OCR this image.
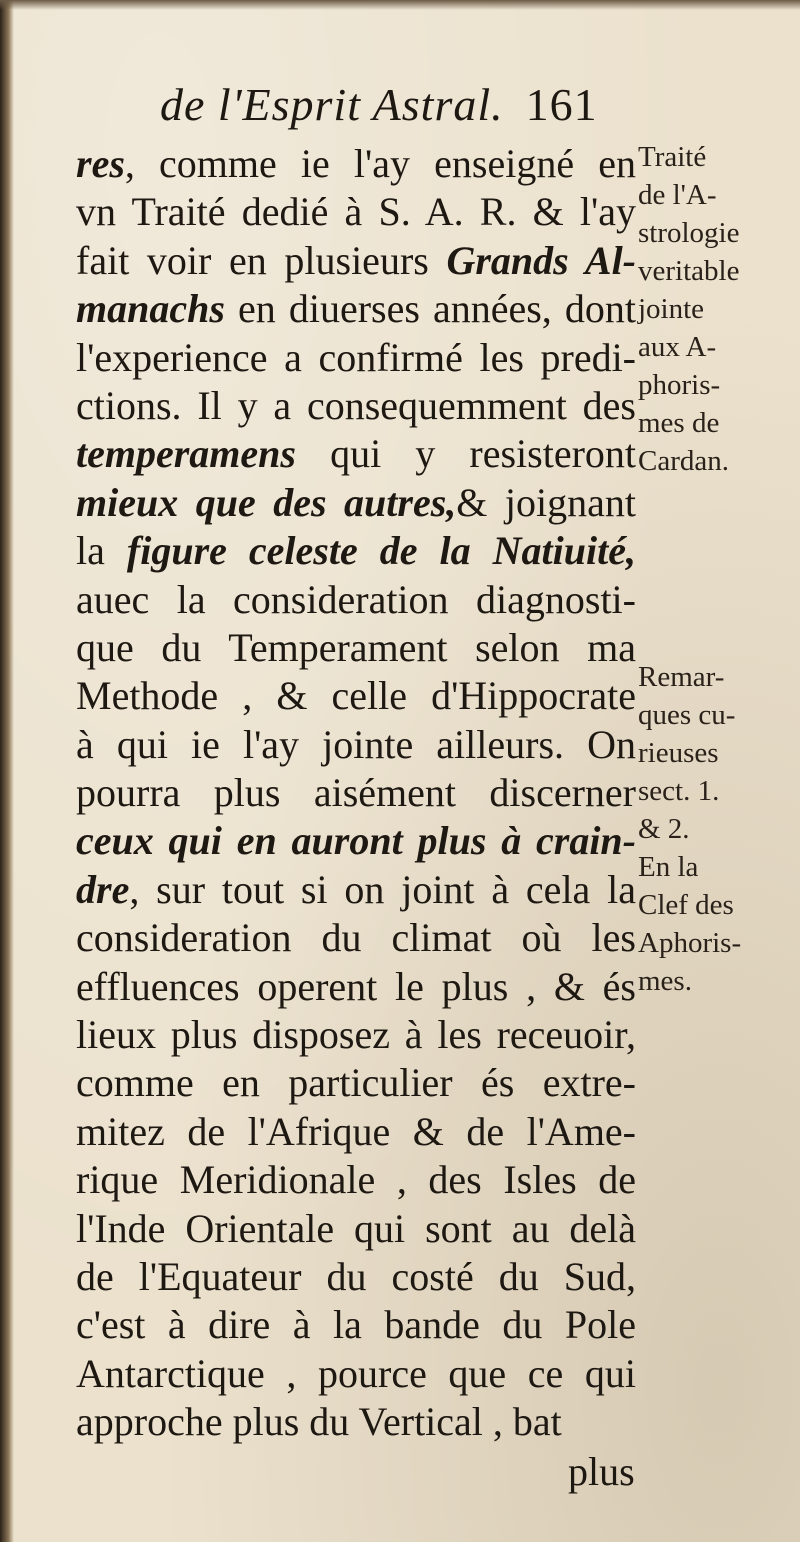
de l'Esprit Astral. 161
res, comme ie l'ay enseigné en
vn Traité dedié à S. A. R. & l'ay
fait voir en plusieurs Grands Al-
manachs en diuerses années, dont
l'experience a confirmé les predi-
ctions. Il y a consequemment des
temperamens qui y resisteront
mieux que des autres,& joignant
la figure celeste de la Natiuité,
auec la consideration diagnosti-
que du Temperament selon ma
Methode , & celle d'Hippocrate
à qui ie l'ay jointe ailleurs. On
pourra plus aisément discerner
ceux qui en auront plus à crain-
dre, sur tout si on joint à cela la
consideration du climat où les
effluences operent le plus , & és
lieux plus disposez à les receuoir,
comme en particulier és extre-
mitez de l'Afrique & de l'Ame-
rique Meridionale , des Isles de
l'Inde Orientale qui sont au delà
de l'Equateur du costé du Sud,
c'est à dire à la bande du Pole
Antarctique , pource que ce qui
approche plus du Vertical , bat
Traité
de l'A-
strologie
veritable
jointe
aux A-
phoris-
mes de
Cardan.
Remar-
ques cu-
rieuses
sect. 1.
& 2.
En la
Clef des
Aphoris-
mes.
plus
